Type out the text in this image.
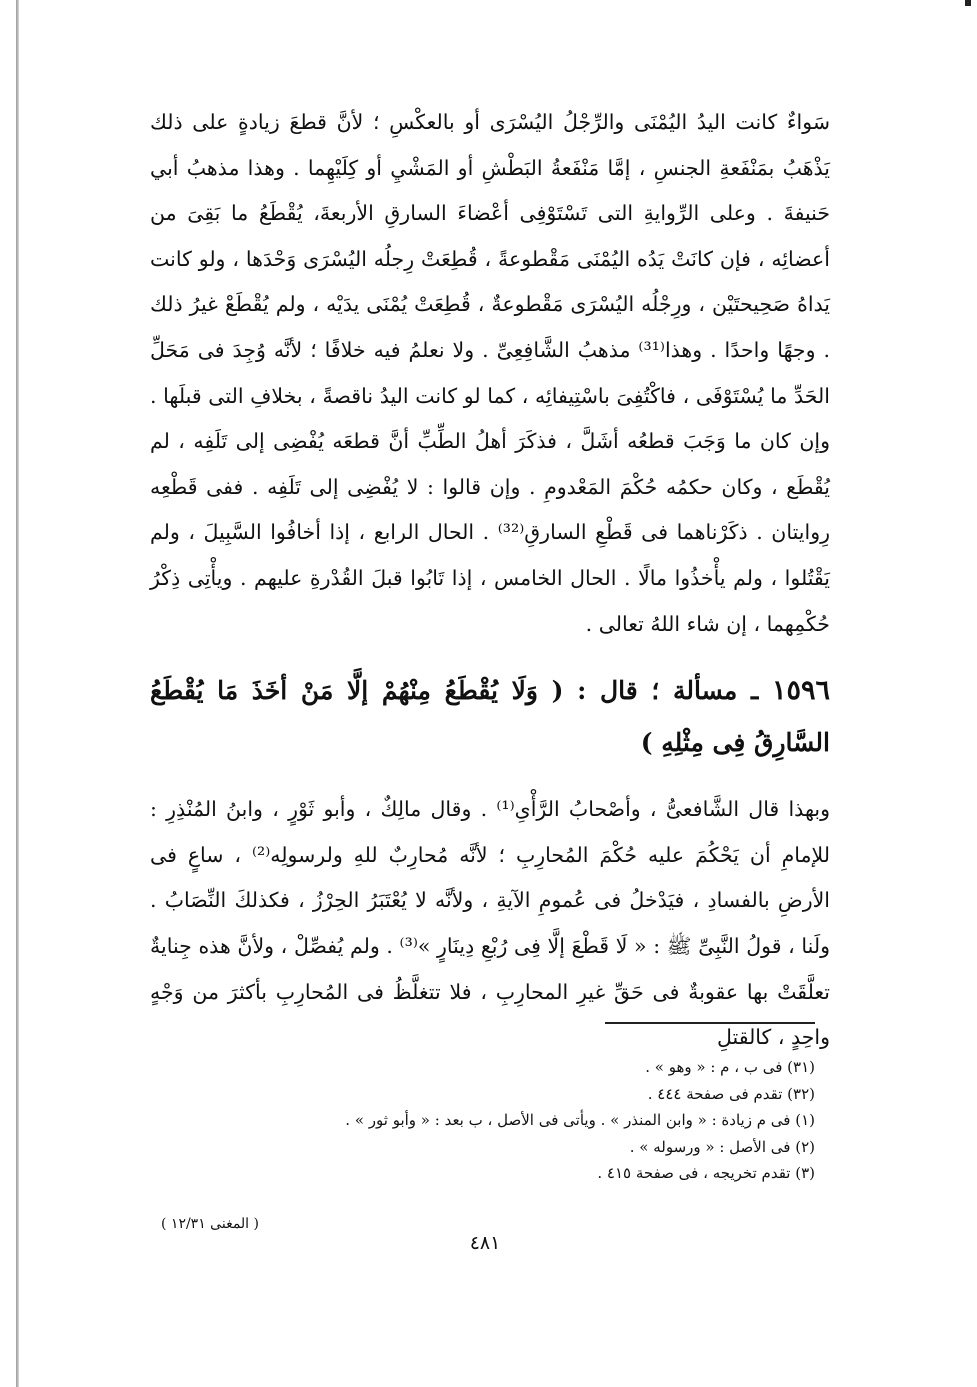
سَواءٌ كانت اليدُ اليُمْنَى والرِّجْلُ اليُسْرَى أو بالعكْسِ ؛ لأنَّ قطعَ زيادةٍ على ذلك يَذْهَبُ بمَنْفَعةِ الجنسِ ، إمَّا مَنْفَعةُ البَطْشِ أو المَشْيِ أو كِلَيْهِما . وهذا مذهبُ أبي حَنيفةَ . وعلى الرِّوايةِ التى تَسْتَوْفِى أعْضاءَ السارقِ الأربعةَ، يُقْطَعُ ما بَقِىَ من أعضائِه ، فإن كانَتْ يَدُه اليُمْنَى مَقْطوعةً ، قُطِعَتْ رِجلُه اليُسْرَى وَحْدَها ، ولو كانت يَداهُ صَحِيحتَيْن ، ورِجْلُه اليُسْرَى مَقْطوعةٌ ، قُطِعَتْ يُمْنَى يدَيْه ، ولم يُقْطَعْ غيرُ ذلك . وجهًا واحدًا . وهذا⁽³¹⁾ مذهبُ الشَّافِعِىِّ . ولا نعلمُ فيه خلافًا ؛ لأنَّه وُجِدَ فى مَحَلِّ الحَدِّ ما يُسْتَوْفَى ، فاكْتُفِىَ باسْتِيفائِه ، كما لو كانت اليدُ ناقصةً ، بخلافِ التى قبلَها . وإن كان ما وَجَبَ قطعُه أشَلَّ ، فذكَرَ أهلُ الطِّبِّ أنَّ قطعَه يُفْضِى إلى تَلَفِه ، لم يُقْطَع ، وكان حكمُه حُكْمَ المَعْدومِ . وإن قالوا : لا يُفْضِى إلى تَلَفِه . ففى قَطْعِه رِوايتان . ذكَرْناهما فى قَطْعِ السارقِ⁽³²⁾ . الحال الرابع ، إذا أخافُوا السَّبِيلَ ، ولم يَقْتُلوا ، ولم يأْخذُوا مالًا . الحال الخامس ، إذا تَابُوا قبلَ القُدْرةِ عليهم . ويأْتِى ذِكْرُ حُكْمِهما ، إن شاء اللهُ تعالى .

١٥٩٦ ـ مسألة ؛ قال : ( وَلَا يُقْطَعُ مِنْهُمْ إلَّا مَنْ أخَذَ مَا يُقْطَعُ السَّارِقُ فِى مِثْلِهِ )

وبهذا قال الشَّافعىُّ ، وأصْحابُ الرَّأْىِ⁽¹⁾ . وقال مالِكٌ ، وأبو ثَوْرٍ ، وابنُ المُنْذِرِ : للإمامِ أن يَحْكُمَ عليه حُكْمَ المُحارِبِ ؛ لأنَّه مُحارِبٌ للهِ ولرسولِه⁽²⁾ ، ساعٍ فى الأرضِ بالفسادِ ، فيَدْخلُ فى عُمومِ الآيةِ ، ولأنَّه لا يُعْتَبَرُ الحِرْزُ ، فكذلكَ النِّصَابُ . ولَنا ، قولُ النَّبِىِّ ﷺ : « لَا قَطْعَ إلَّا فِى رُبْعِ دِينَارٍ »⁽³⁾ . ولم يُفصِّلْ ، ولأنَّ هذه جِنايةٌ تعلَّقَتْ بها عقوبةٌ فى حَقِّ غيرِ المحارِبِ ، فلا تتغلَّظُ فى المُحارِبِ بأكثرَ من وَجْهٍ واحِدٍ ، كالقتلِ

(٣١) فى ب ، م : « وهو » .
(٣٢) تقدم فى صفحة ٤٤٤ .
(١) فى م زيادة : « وابن المنذر » . ويأتى فى الأصل ، ب بعد : « وأبو ثور » .
(٢) فى الأصل : « ورسوله » .
(٣) تقدم تخريجه ، فى صفحة ٤١٥ .
( المغنى ١٢/٣١ )
٤٨١
